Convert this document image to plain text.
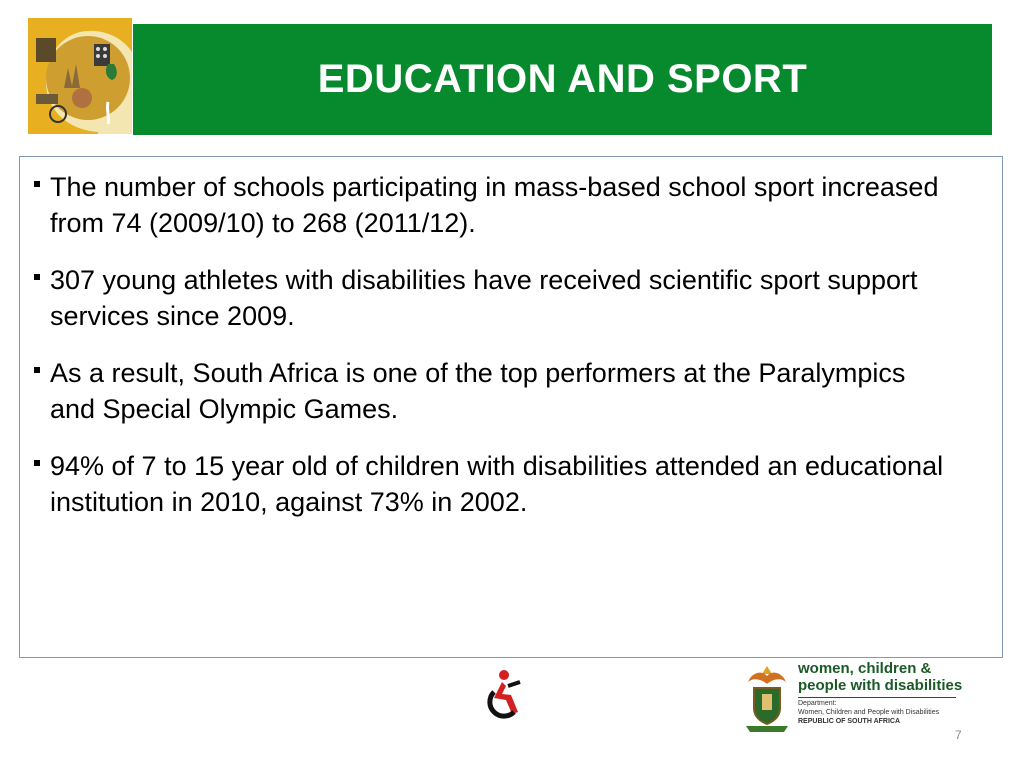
EDUCATION AND SPORT
The number of schools participating in mass-based school sport increased from 74 (2009/10) to 268 (2011/12).
307 young athletes with disabilities have received scientific sport support services since 2009.
As a result, South Africa is one of the top performers at the Paralympics and Special Olympic Games.
94% of 7 to 15 year old of children with disabilities attended an educational institution in 2010, against 73% in 2002.
women, children &
people with disabilities
Department:
Women, Children and People with Disabilities
REPUBLIC OF SOUTH AFRICA
7
